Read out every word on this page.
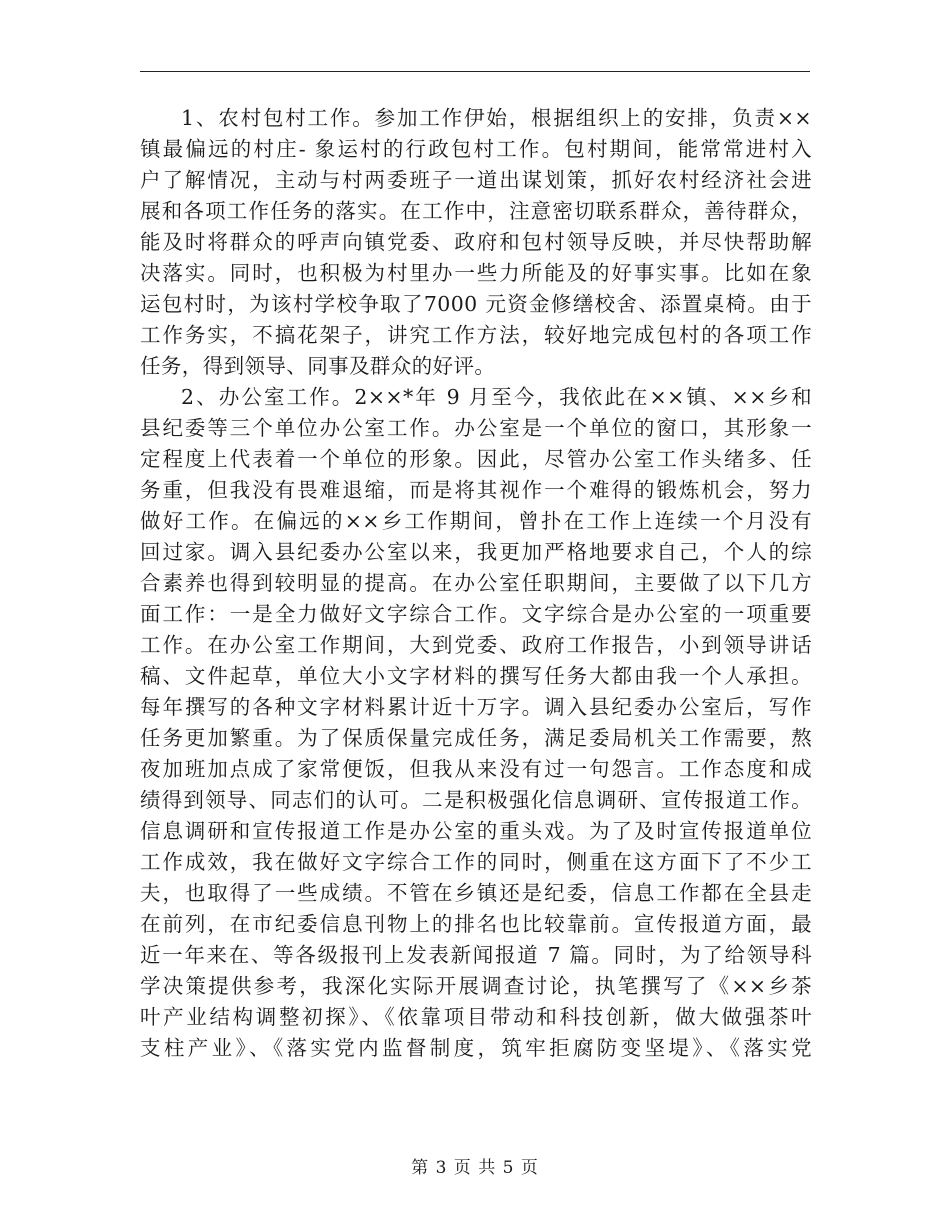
1、农村包村工作。参加工作伊始，根据组织上的安排，负责××
镇最偏远的村庄- 象运村的行政包村工作。包村期间，能常常进村入
户了解情况，主动与村两委班子一道出谋划策，抓好农村经济社会进
展和各项工作任务的落实。在工作中，注意密切联系群众，善待群众，
能及时将群众的呼声向镇党委、政府和包村领导反映，并尽快帮助解
决落实。同时，也积极为村里办一些力所能及的好事实事。比如在象
运包村时，为该村学校争取了7000 元资金修缮校舍、添置桌椅。由于
工作务实，不搞花架子，讲究工作方法，较好地完成包村的各项工作
任务，得到领导、同事及群众的好评。

2、办公室工作。2××*年 9 月至今，我依此在××镇、××乡和
县纪委等三个单位办公室工作。办公室是一个单位的窗口，其形象一
定程度上代表着一个单位的形象。因此，尽管办公室工作头绪多、任
务重，但我没有畏难退缩，而是将其视作一个难得的锻炼机会，努力
做好工作。在偏远的××乡工作期间，曾扑在工作上连续一个月没有
回过家。调入县纪委办公室以来，我更加严格地要求自己，个人的综
合素养也得到较明显的提高。在办公室任职期间，主要做了以下几方
面工作：一是全力做好文字综合工作。文字综合是办公室的一项重要
工作。在办公室工作期间，大到党委、政府工作报告，小到领导讲话
稿、文件起草，单位大小文字材料的撰写任务大都由我一个人承担。
每年撰写的各种文字材料累计近十万字。调入县纪委办公室后，写作
任务更加繁重。为了保质保量完成任务，满足委局机关工作需要，熬
夜加班加点成了家常便饭，但我从来没有过一句怨言。工作态度和成
绩得到领导、同志们的认可。二是积极强化信息调研、宣传报道工作。
信息调研和宣传报道工作是办公室的重头戏。为了及时宣传报道单位
工作成效，我在做好文字综合工作的同时，侧重在这方面下了不少工
夫，也取得了一些成绩。不管在乡镇还是纪委，信息工作都在全县走
在前列，在市纪委信息刊物上的排名也比较靠前。宣传报道方面，最
近一年来在、等各级报刊上发表新闻报道 7 篇。同时，为了给领导科
学决策提供参考，我深化实际开展调查讨论，执笔撰写了《××乡茶
叶产业结构调整初探》、《依靠项目带动和科技创新，做大做强茶叶
支柱产业》、《落实党内监督制度，筑牢拒腐防变坚堤》、《落实党

第 3 页 共 5 页
